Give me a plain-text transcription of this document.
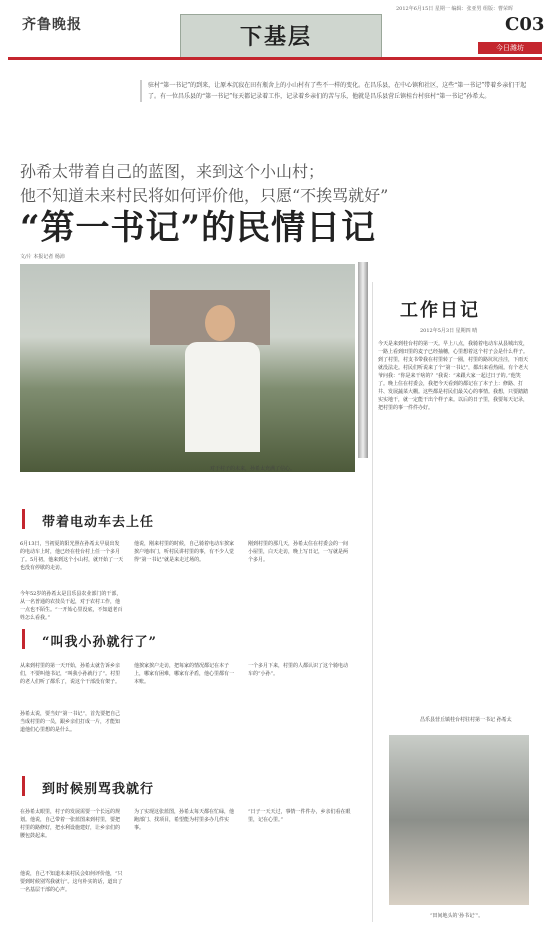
齐鲁晚报	下基层
2012年6月15日 星期一 编辑：张亚男 组版：曹荣晖
C03
今日潍坊
驻村“第一书记”的到来，让原本沉寂在田有瓶舍上的小山村有了些不一样的变化。在昌乐县，在中心镇和社区，这些“第一书记”带着乡亲们干起了。有一位昌乐县的“第一书记”每天都记录着工作，记录着乡亲们的苦与乐，他就是昌乐县营丘镇桂台村驻村“第一书记”孙希太。
孙希太带着自己的蓝图，来到这个小山村；
他不知道未来村民将如何评价他，只愿“不挨骂就好”
“第一书记”的民情日记
文/片 本报记者 杨沛
对于村子的未来，孙希太充满了信心。
带着电动车去上任
6月13日，当初夏的阳光照在孙希太早晨出发的电动车上时，他已经在桂台村上任一个多月了。5月初，他来到这个小山村，就开始了一天也没有停歇的走访。
今年52岁的孙希太是昌乐县农业部门的干部，从一名普通的农技员干起，对于农村工作，他一点也不陌生。“一开始心里没底，不知道老百姓怎么看我。”
他说，刚来村里的时候，自己骑着电动车挨家挨户地串门，听村民讲村里的事，有不少人觉得“第一书记”就是来走过场的。
刚到村里的那几天，孙希太住在村委会的一间小屋里，白天走访，晚上写日记，一写就是两个多月。
“叫我小孙就行了”
从来到村里的第一天开始，孙希太就告诉乡亲们，不要叫他书记，“叫我小孙就行了”。村里的老人们听了都乐了，说这个干部没有架子。
孙希太说，要当好“第一书记”，首先要把自己当成村里的一员，跟乡亲们打成一片，才能知道他们心里想的是什么。
他挨家挨户走访，把每家的情况都记在本子上，哪家有困难，哪家有矛盾，他心里都有一本账。
一个多月下来，村里的人都认识了这个骑电动车的“小孙”。
到时候别骂我就行
在孙希太眼里，村子的发展需要一个长远的规划。他说，自己带着一张蓝图来到村里，要把村里的路修好，把水利设施建好，让乡亲们的腰包鼓起来。
他说，自己不知道未来村民会如何评价他，“只要到时候别骂我就行”。这句朴实的话，道出了一名基层干部的心声。
为了实现这张蓝图，孙希太每天都在忙碌，他跑部门、找项目，希望能为村里多办几件实事。
“日子一天天过，事情一件件办，乡亲们看在眼里，记在心里。”
工作日记
2012年5月3日 星期四 晴
今天是来到桂台村的第一天。早上八点，我骑着电动车从县城出发，一路上看到田里的麦子已经抽穗，心里想着这个村子会是什么样子。到了村里，村支书带我在村里转了一圈，村里的路坑坑洼洼，下雨天就没法走。村民们听说来了个“第一书记”，都出来看热闹。有个老大爷问我：“你是来干啥的？”我说：“来跟大家一起过日子的。”他笑了。晚上住在村委会，我把今天看到的都记在了本子上：修路、打井、发展蔬菜大棚。这些都是村民们最关心的事情。我想，只要踏踏实实地干，就一定能干出个样子来。以后的日子里，我要每天记录，把村里的事一件件办好。
昌乐县营丘镇桂台村驻村第一书记 孙希太
“田间地头的‘孙书记’”。
